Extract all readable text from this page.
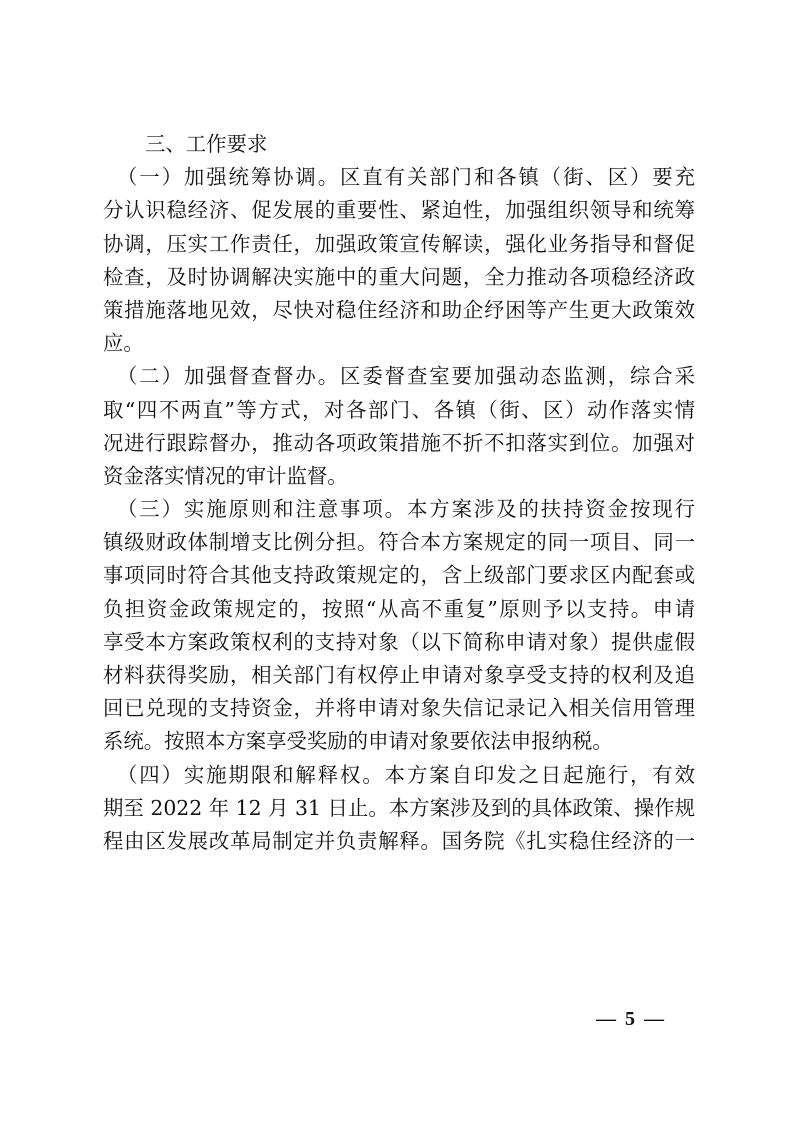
三、工作要求
（一）加强统筹协调。区直有关部门和各镇（街、区）要充
分认识稳经济、促发展的重要性、紧迫性，加强组织领导和统筹
协调，压实工作责任，加强政策宣传解读，强化业务指导和督促
检查，及时协调解决实施中的重大问题，全力推动各项稳经济政
策措施落地见效，尽快对稳住经济和助企纾困等产生更大政策效
应。
（二）加强督查督办。区委督查室要加强动态监测，综合采
取“四不两直”等方式，对各部门、各镇（街、区）动作落实情
况进行跟踪督办，推动各项政策措施不折不扣落实到位。加强对
资金落实情况的审计监督。
（三）实施原则和注意事项。本方案涉及的扶持资金按现行
镇级财政体制增支比例分担。符合本方案规定的同一项目、同一
事项同时符合其他支持政策规定的，含上级部门要求区内配套或
负担资金政策规定的，按照“从高不重复”原则予以支持。申请
享受本方案政策权利的支持对象（以下简称申请对象）提供虚假
材料获得奖励，相关部门有权停止申请对象享受支持的权利及追
回已兑现的支持资金，并将申请对象失信记录记入相关信用管理
系统。按照本方案享受奖励的申请对象要依法申报纳税。
（四）实施期限和解释权。本方案自印发之日起施行，有效
期至 2022 年 12 月 31 日止。本方案涉及到的具体政策、操作规
程由区发展改革局制定并负责解释。国务院《扎实稳住经济的一
— 5 —
